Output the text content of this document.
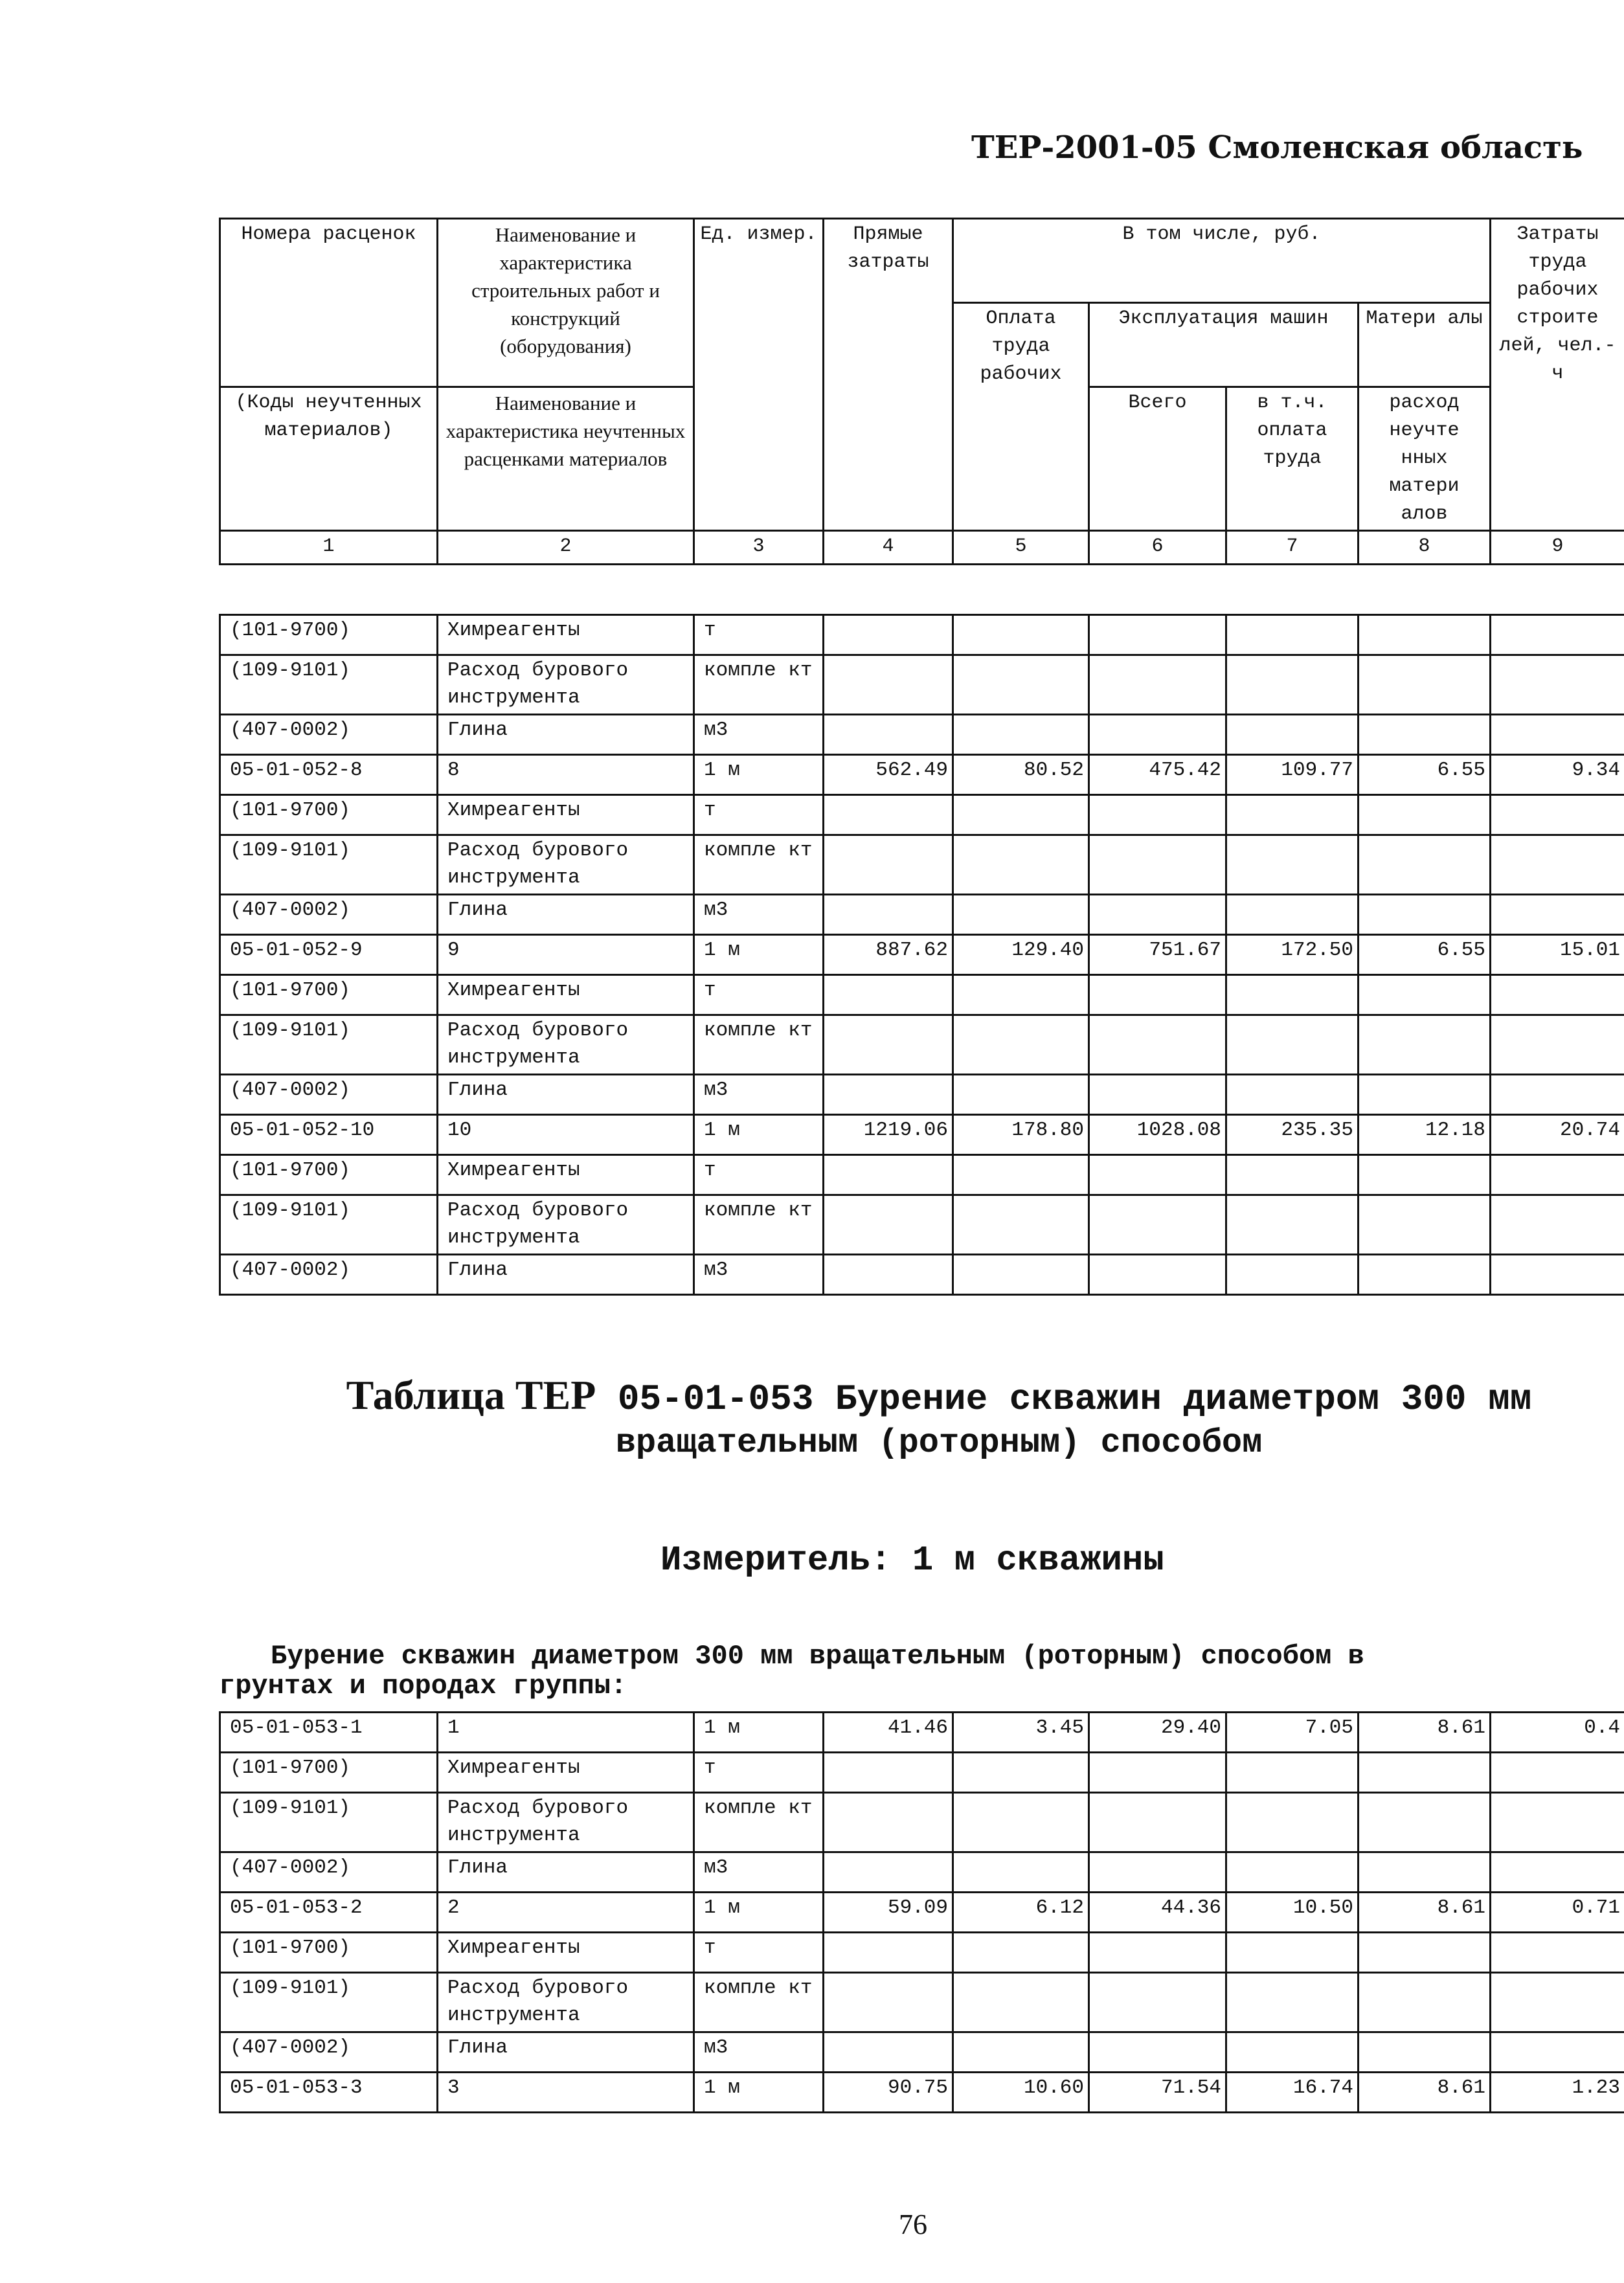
ТЕР-2001-05 Смоленская область
Номера расценок	Наименование и характеристика строительных работ и конструкций (оборудования)	Ед. измер.	Прямые затраты	В том числе, руб.				Затраты труда рабочих строите лей, чел.-ч
				Оплата труда рабочих	Эксплуатация машин		Матери алы	
(Коды неучтенных материалов)	Наименование и характеристика неучтенных расценками материалов				Всего	в т.ч. оплата труда	расход неучте нных матери алов	
1	2	3	4	5	6	7	8	9
(101-9700)	Химреагенты	т						
(109-9101)	Расход бурового инструмента	компле кт						
(407-0002)	Глина	м3						
05-01-052-8	8	1 м	562.49	80.52	475.42	109.77	6.55	9.34
(101-9700)	Химреагенты	т						
(109-9101)	Расход бурового инструмента	компле кт						
(407-0002)	Глина	м3						
05-01-052-9	9	1 м	887.62	129.40	751.67	172.50	6.55	15.01
(101-9700)	Химреагенты	т						
(109-9101)	Расход бурового инструмента	компле кт						
(407-0002)	Глина	м3						
05-01-052-10	10	1 м	1219.06	178.80	1028.08	235.35	12.18	20.74
(101-9700)	Химреагенты	т						
(109-9101)	Расход бурового инструмента	компле кт						
(407-0002)	Глина	м3						
Таблица ТЕР 05-01-053 Бурение скважин диаметром 300 мм
вращательным (роторным) способом
Измеритель: 1 м скважины
Бурение скважин диаметром 300 мм вращательным (роторным) способом в
грунтах и породах группы:
05-01-053-1	1	1 м	41.46	3.45	29.40	7.05	8.61	0.4
(101-9700)	Химреагенты	т						
(109-9101)	Расход бурового инструмента	компле кт						
(407-0002)	Глина	м3						
05-01-053-2	2	1 м	59.09	6.12	44.36	10.50	8.61	0.71
(101-9700)	Химреагенты	т						
(109-9101)	Расход бурового инструмента	компле кт						
(407-0002)	Глина	м3						
05-01-053-3	3	1 м	90.75	10.60	71.54	16.74	8.61	1.23
76
